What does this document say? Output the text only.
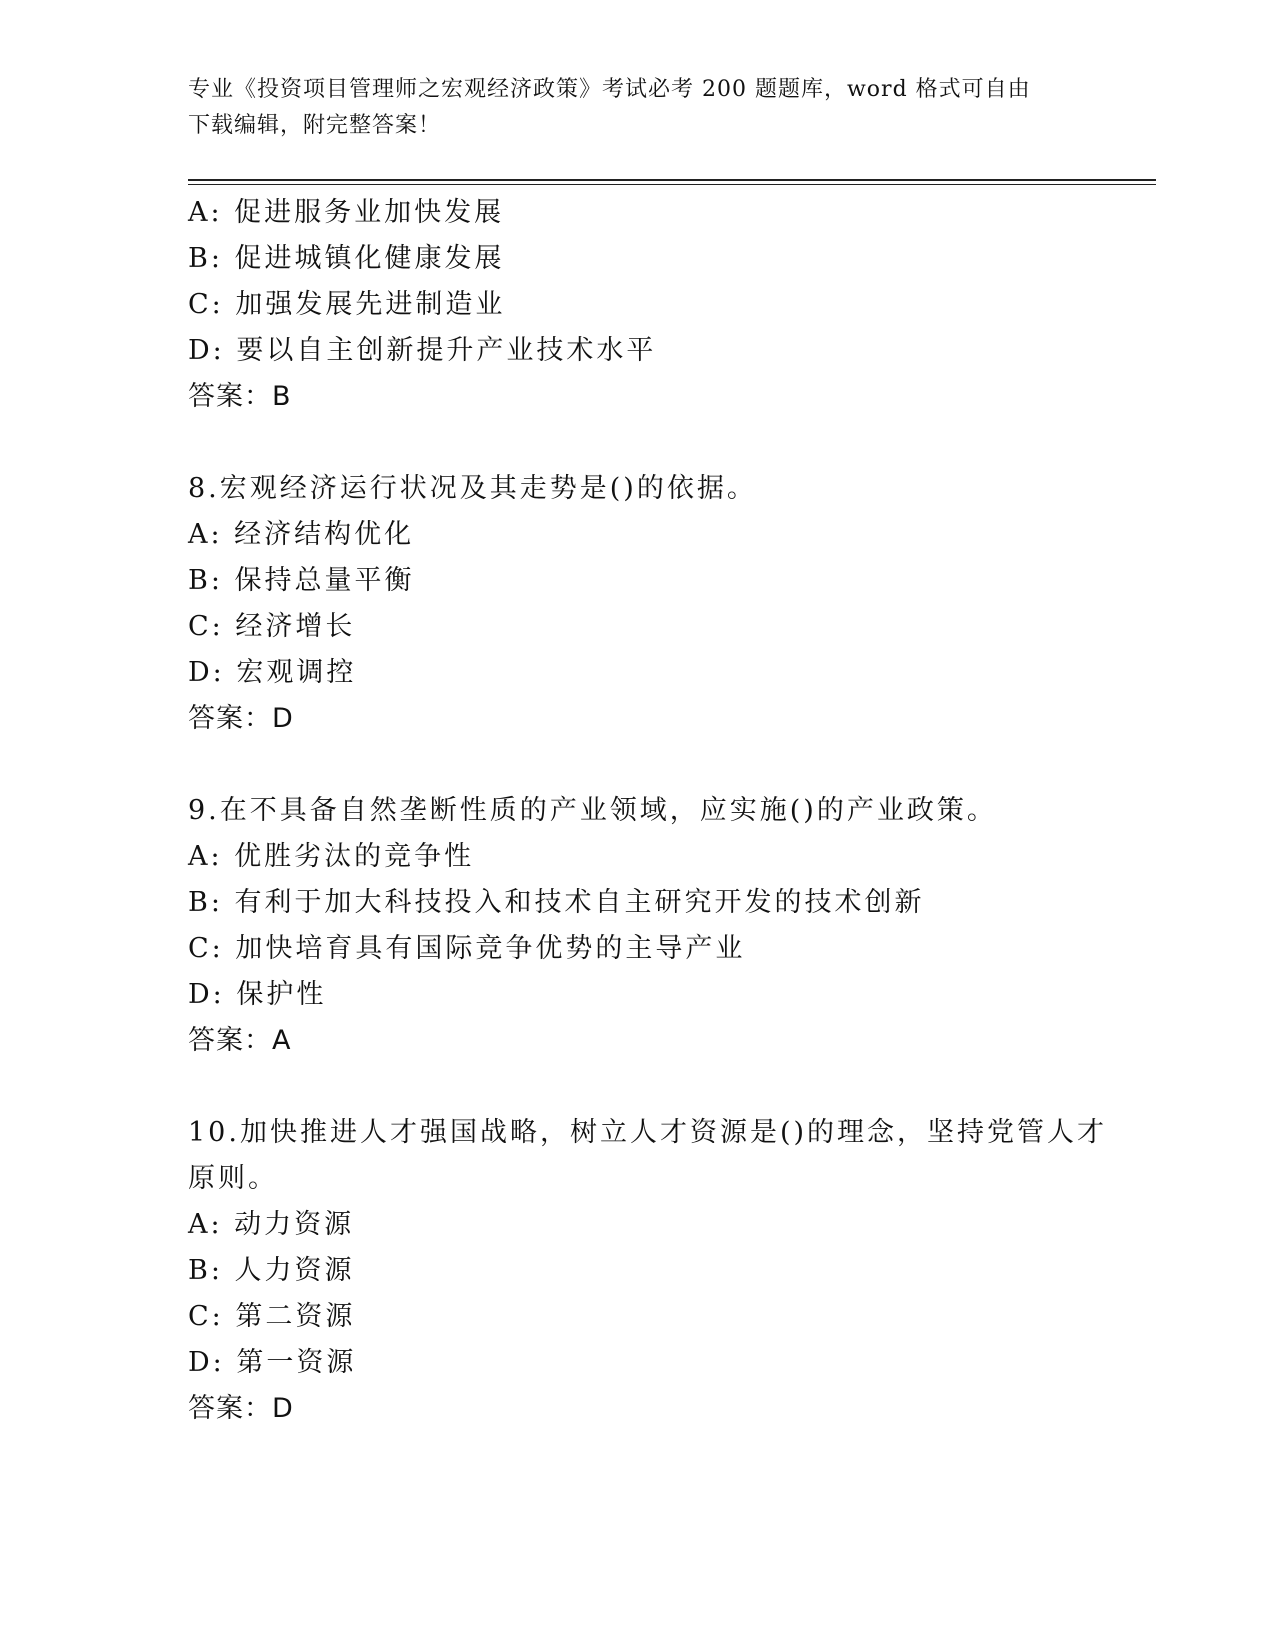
专业《投资项目管理师之宏观经济政策》考试必考 200 题题库，word 格式可自由
下载编辑，附完整答案！
A: 促进服务业加快发展
B: 促进城镇化健康发展
C: 加强发展先进制造业
D: 要以自主创新提升产业技术水平
答案：B
8.宏观经济运行状况及其走势是()的依据。
A: 经济结构优化
B: 保持总量平衡
C: 经济增长
D: 宏观调控
答案：D
9.在不具备自然垄断性质的产业领域，应实施()的产业政策。
A: 优胜劣汰的竞争性
B: 有利于加大科技投入和技术自主研究开发的技术创新
C: 加快培育具有国际竞争优势的主导产业
D: 保护性
答案：A
10.加快推进人才强国战略，树立人才资源是()的理念，坚持党管人才
原则。
A: 动力资源
B: 人力资源
C: 第二资源
D: 第一资源
答案：D
